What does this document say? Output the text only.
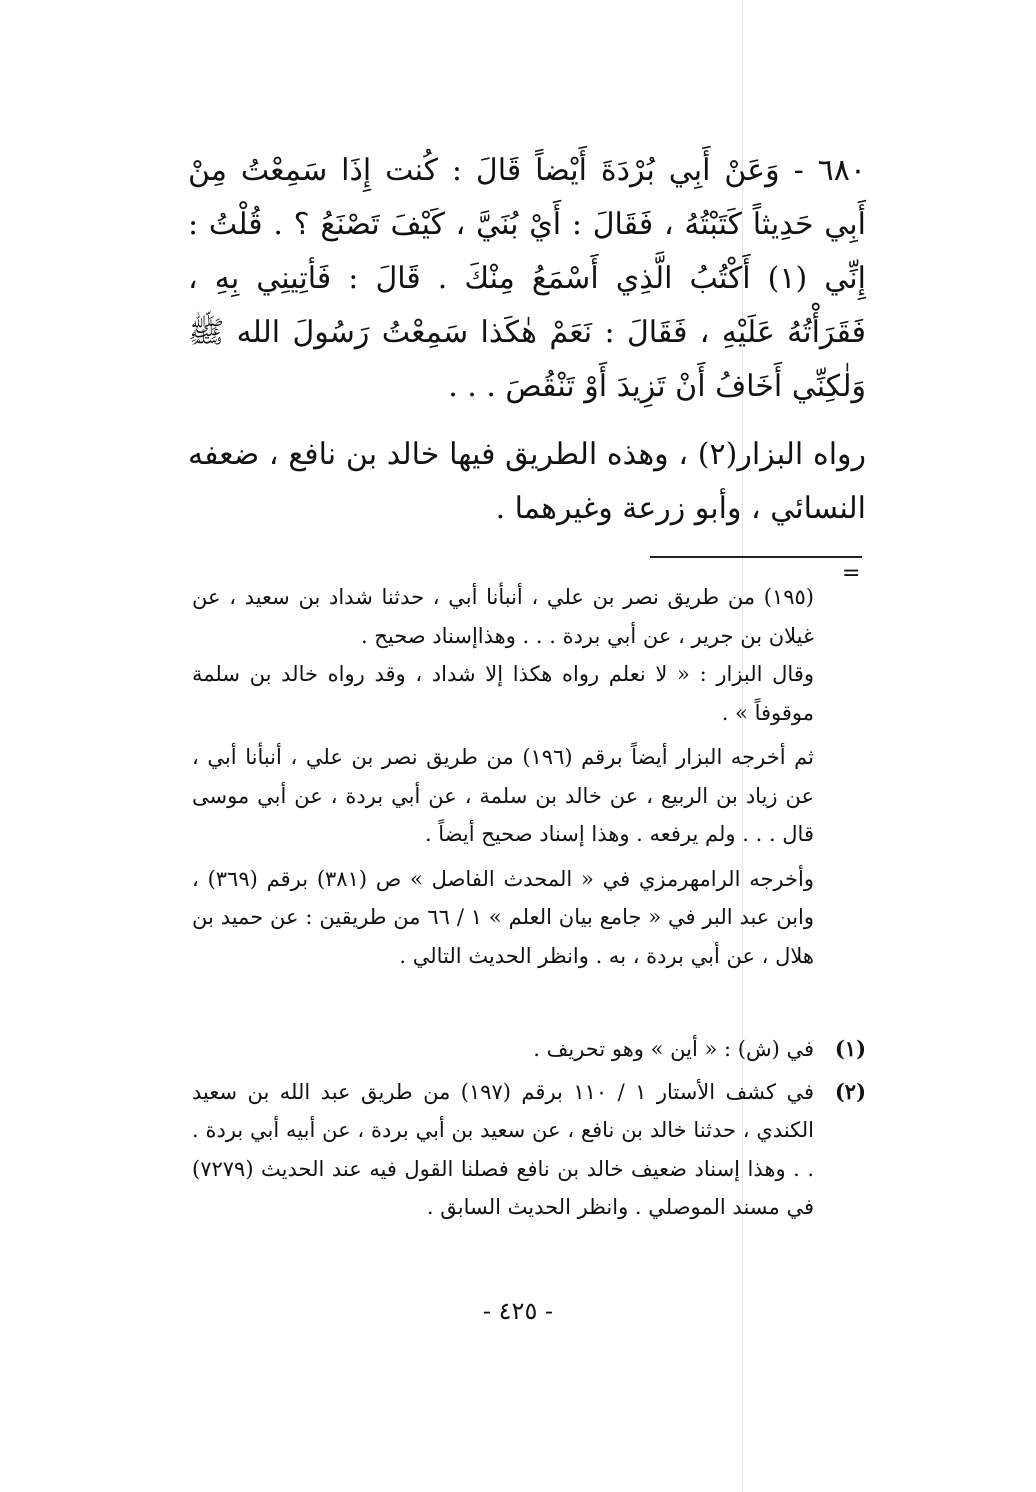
٦٨٠ - وَعَنْ أَبِي بُرْدَةَ أَيْضاً قَالَ : كُنت إِذَا سَمِعْتُ مِنْ أَبِي حَدِيثاً كَتَبْتُهُ ، فَقَالَ : أَيْ بُنَيَّ ، كَيْفَ تَصْنَعُ ؟ . قُلْتُ : إِنِّي (١) أَكْتُبُ الَّذِي أَسْمَعُ مِنْكَ . قَالَ : فَأتِينِي بِهِ ، فَقَرَأْتُهُ عَلَيْهِ ، فَقَالَ : نَعَمْ هٰكَذا سَمِعْتُ رَسُولَ الله ﷺ وَلٰكِنِّي أَخَافُ أَنْ تَزِيدَ أَوْ تَنْقُصَ . . .

رواه البزار(٢) ، وهذه الطريق فيها خالد بن نافع ، ضعفه النسائي ، وأبو زرعة وغيرهما .

=

(١٩٥) من طريق نصر بن علي ، أنبأنا أبي ، حدثنا شداد بن سعيد ، عن غيلان بن جرير ، عن أبي بردة . . . وهذاإسناد صحيح .

وقال البزار : « لا نعلم رواه هكذا إلا شداد ، وقد رواه خالد بن سلمة موقوفاً » .

ثم أخرجه البزار أيضاً برقم (١٩٦) من طريق نصر بن علي ، أنبأنا أبي ، عن زياد بن الربيع ، عن خالد بن سلمة ، عن أبي بردة ، عن أبي موسى قال . . . ولم يرفعه . وهذا إسناد صحيح أيضاً .

وأخرجه الرامهرمزي في « المحدث الفاصل » ص (٣٨١) برقم (٣٦٩) ، وابن عبد البر في « جامع بيان العلم » ١ / ٦٦ من طريقين : عن حميد بن هلال ، عن أبي بردة ، به . وانظر الحديث التالي .

(١)
في (ش) : « أين » وهو تحريف .
(٢)
في كشف الأستار ١ / ١١٠ برقم (١٩٧) من طريق عبد الله بن سعيد الكندي ، حدثنا خالد بن نافع ، عن سعيد بن أبي بردة ، عن أبيه أبي بردة . . . وهذا إسناد ضعيف خالد بن نافع فصلنا القول فيه عند الحديث (٧٢٧٩) في مسند الموصلي . وانظر الحديث السابق .
- ٤٢٥ -
